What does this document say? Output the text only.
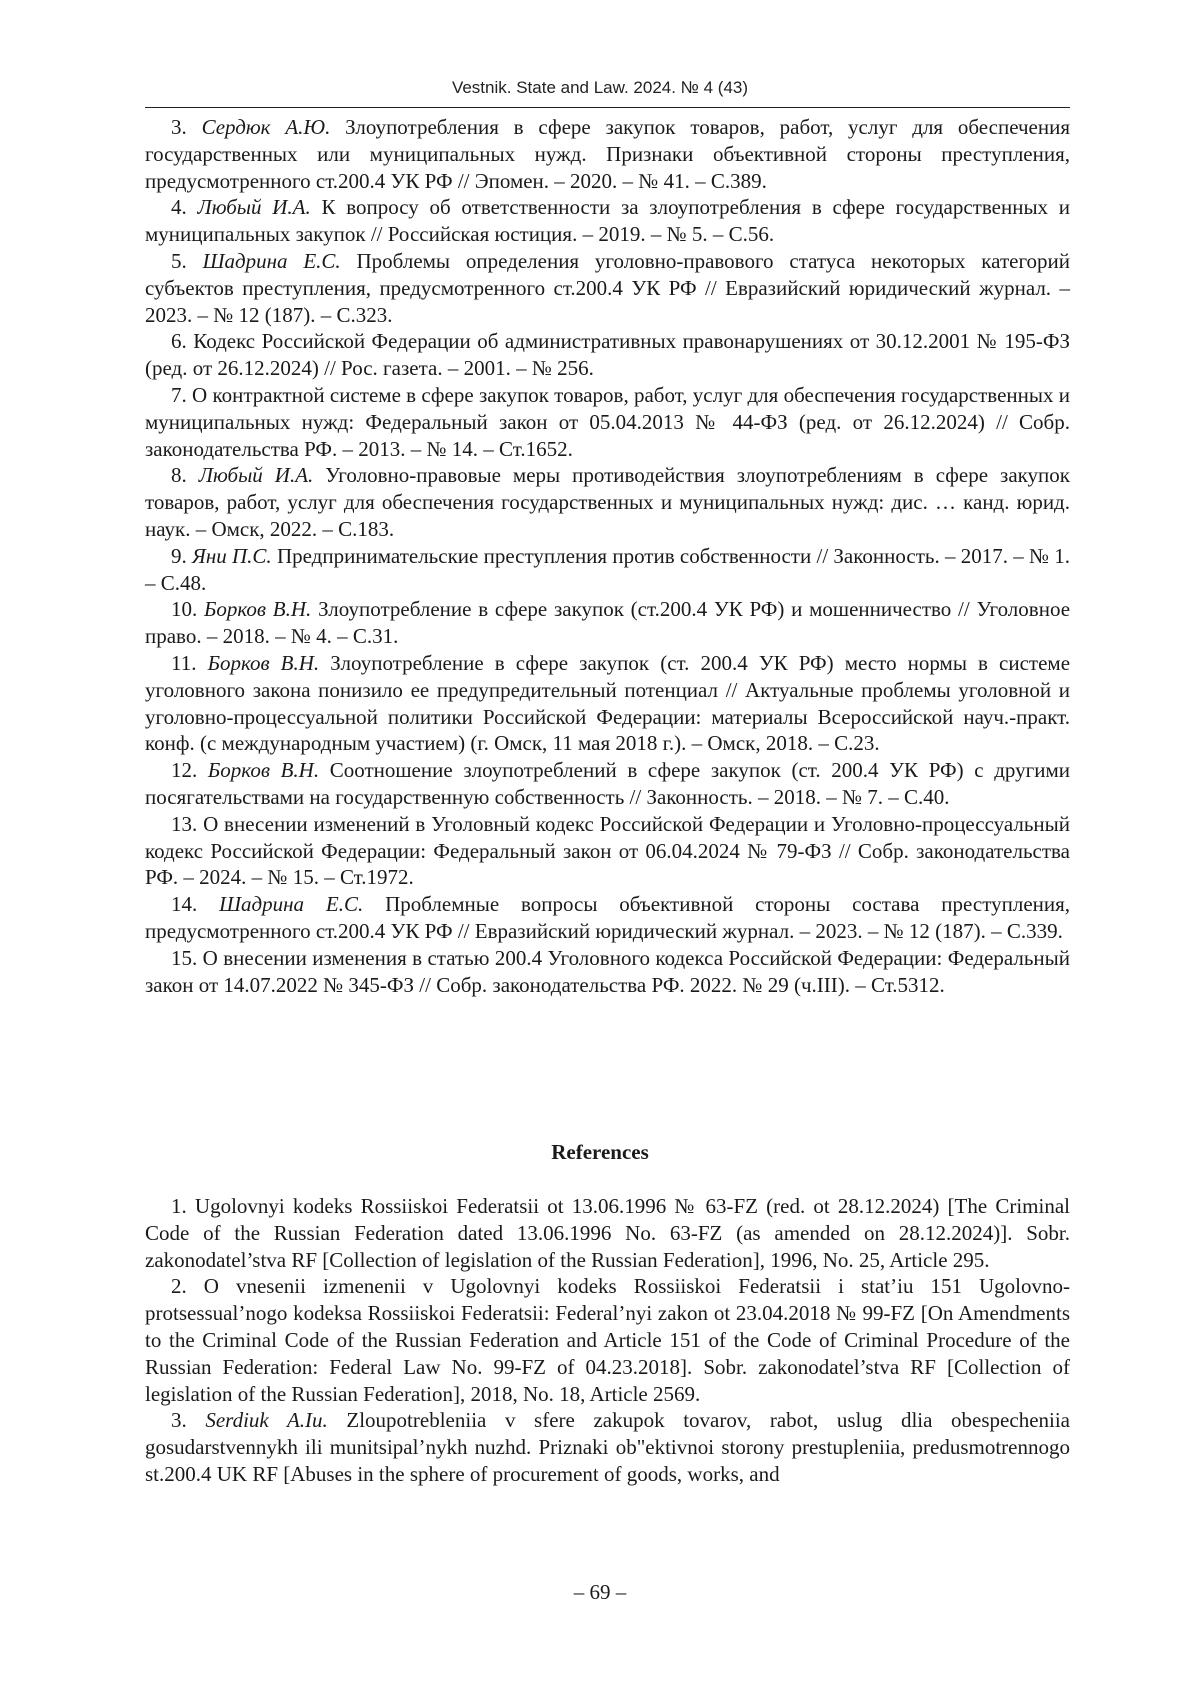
Vestnik. State and Law. 2024. № 4 (43)

3. Сердюк А.Ю. Злоупотребления в сфере закупок товаров, работ, услуг для обеспечения государственных или муниципальных нужд. Признаки объективной стороны преступления, предусмотренного ст.200.4 УК РФ // Эпомен. – 2020. – № 41. – С.389.

4. Любый И.А. К вопросу об ответственности за злоупотребления в сфере государственных и муниципальных закупок // Российская юстиция. – 2019. – № 5. – С.56.

5. Шадрина Е.С. Проблемы определения уголовно-правового статуса некоторых категорий субъектов преступления, предусмотренного ст.200.4 УК РФ // Евразийский юридический журнал. – 2023. – № 12 (187). – С.323.

6. Кодекс Российской Федерации об административных правонарушениях от 30.12.2001 № 195-ФЗ (ред. от 26.12.2024) // Рос. газета. – 2001. – № 256.

7. О контрактной системе в сфере закупок товаров, работ, услуг для обеспечения государственных и муниципальных нужд: Федеральный закон от 05.04.2013 № 44-ФЗ (ред. от 26.12.2024) // Собр. законодательства РФ. – 2013. – № 14. – Ст.1652.

8. Любый И.А. Уголовно-правовые меры противодействия злоупотреблениям в сфере закупок товаров, работ, услуг для обеспечения государственных и муниципальных нужд: дис. … канд. юрид. наук. – Омск, 2022. – С.183.

9. Яни П.С. Предпринимательские преступления против собственности // Законность. – 2017. – № 1. – С.48.

10. Борков В.Н. Злоупотребление в сфере закупок (ст.200.4 УК РФ) и мошенничество // Уголовное право. – 2018. – № 4. – С.31.

11. Борков В.Н. Злоупотребление в сфере закупок (ст. 200.4 УК РФ) место нормы в системе уголовного закона понизило ее предупредительный потенциал // Актуальные проблемы уголовной и уголовно-процессуальной политики Российской Федерации: материалы Всероссийской науч.-практ. конф. (с международным участием) (г. Омск, 11 мая 2018 г.). – Омск, 2018. – С.23.

12. Борков В.Н. Соотношение злоупотреблений в сфере закупок (ст. 200.4 УК РФ) с другими посягательствами на государственную собственность // Законность. – 2018. – № 7. – С.40.

13. О внесении изменений в Уголовный кодекс Российской Федерации и Уголовно-процессуальный кодекс Российской Федерации: Федеральный закон от 06.04.2024 № 79-ФЗ // Собр. законодательства РФ. – 2024. – № 15. – Ст.1972.

14. Шадрина Е.С. Проблемные вопросы объективной стороны состава преступления, предусмотренного ст.200.4 УК РФ // Евразийский юридический журнал. – 2023. – № 12 (187). – С.339.

15. О внесении изменения в статью 200.4 Уголовного кодекса Российской Федерации: Федеральный закон от 14.07.2022 № 345-ФЗ // Собр. законодательства РФ. 2022. № 29 (ч.III). – Ст.5312.

References

1. Ugolovnyi kodeks Rossiiskoi Federatsii ot 13.06.1996 № 63-FZ (red. ot 28.12.2024) [The Criminal Code of the Russian Federation dated 13.06.1996 No. 63-FZ (as amended on 28.12.2024)]. Sobr. zakonodatel’stva RF [Collection of legislation of the Russian Federation], 1996, No. 25, Article 295.

2. O vnesenii izmenenii v Ugolovnyi kodeks Rossiiskoi Federatsii i stat’iu 151 Ugolovno-protsessual’nogo kodeksa Rossiiskoi Federatsii: Federal’nyi zakon ot 23.04.2018 № 99-FZ [On Amendments to the Criminal Code of the Russian Federation and Article 151 of the Code of Criminal Procedure of the Russian Federation: Federal Law No. 99-FZ of 04.23.2018]. Sobr. zakonodatel’stva RF [Collection of legislation of the Russian Federation], 2018, No. 18, Article 2569.

3. Serdiuk A.Iu. Zloupotrebleniia v sfere zakupok tovarov, rabot, uslug dlia obespecheniia gosudarstvennykh ili munitsipal’nykh nuzhd. Priznaki ob"ektivnoi storony prestupleniia, predusmotrennogo st.200.4 UK RF [Abuses in the sphere of procurement of goods, works, and

– 69 –
